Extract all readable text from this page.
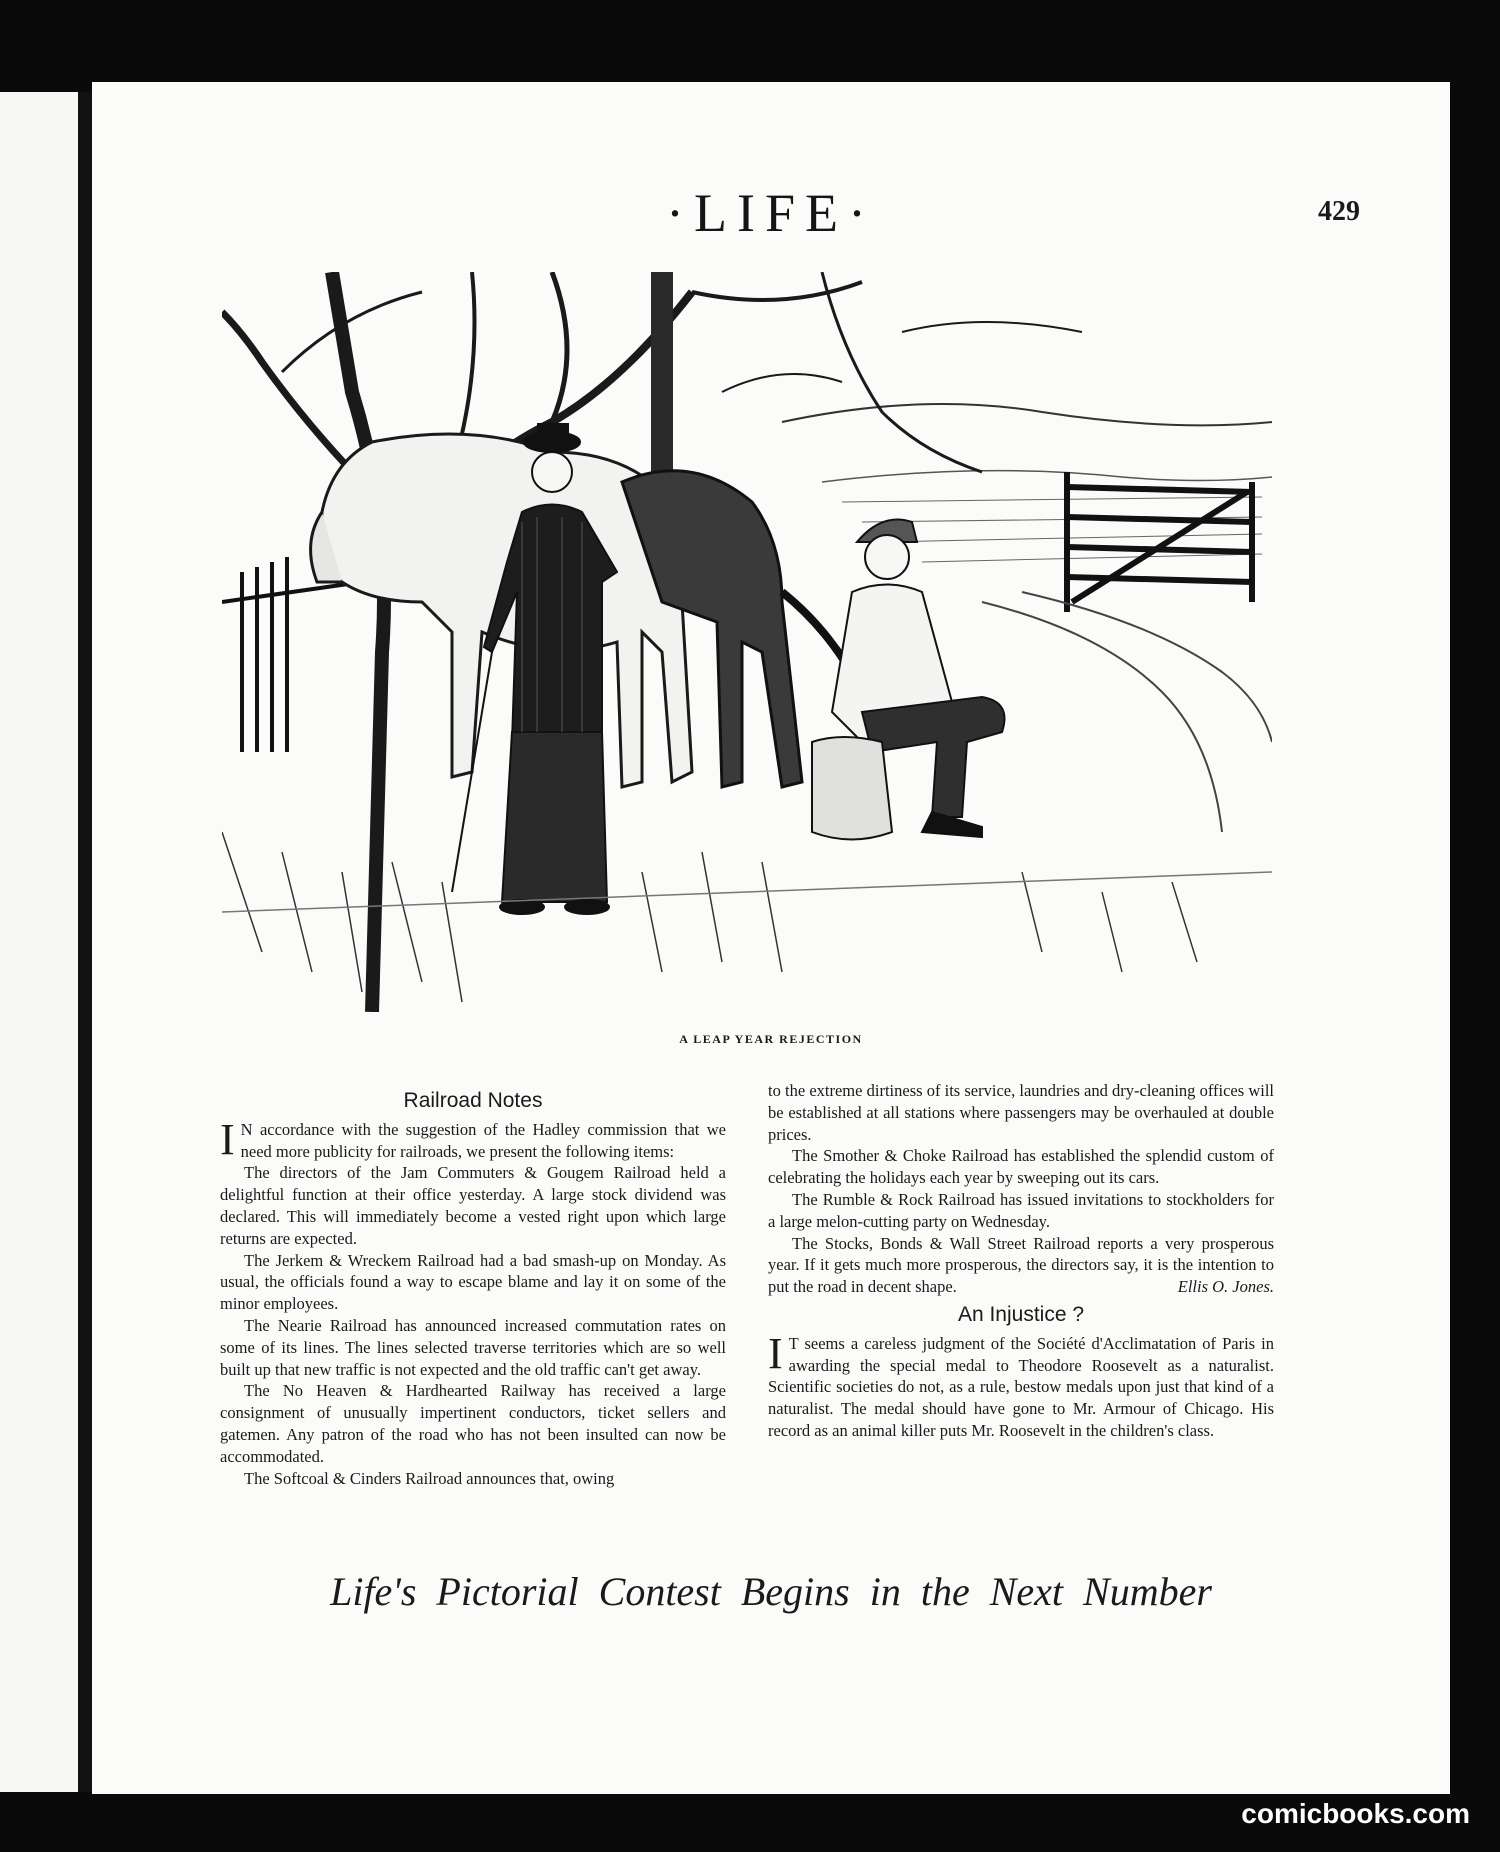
·LIFE·	429
A LEAP YEAR REJECTION
Railroad Notes

I N accordance with the suggestion of the Hadley commission that we need more publicity for railroads, we present the following items:

The directors of the Jam Commuters & Gougem Railroad held a delightful function at their office yesterday. A large stock dividend was declared. This will immediately become a vested right upon which large returns are expected.

The Jerkem & Wreckem Railroad had a bad smash-up on Monday. As usual, the officials found a way to escape blame and lay it on some of the minor employees.

The Nearie Railroad has announced increased commutation rates on some of its lines. The lines selected traverse territories which are so well built up that new traffic is not expected and the old traffic can't get away.

The No Heaven & Hardhearted Railway has received a large consignment of unusually impertinent conductors, ticket sellers and gatemen. Any patron of the road who has not been insulted can now be accommodated.

The Softcoal & Cinders Railroad announces that, owing

to the extreme dirtiness of its service, laundries and dry-cleaning offices will be established at all stations where passengers may be overhauled at double prices.

The Smother & Choke Railroad has established the splendid custom of celebrating the holidays each year by sweeping out its cars.

The Rumble & Rock Railroad has issued invitations to stockholders for a large melon-cutting party on Wednesday.

The Stocks, Bonds & Wall Street Railroad reports a very prosperous year. If it gets much more prosperous, the directors say, it is the intention to put the road in decent shape.	Ellis O. Jones.

An Injustice ?

I T seems a careless judgment of the Société d'Acclimatation of Paris in awarding the special medal to Theodore Roosevelt as a naturalist. Scientific societies do not, as a rule, bestow medals upon just that kind of a naturalist. The medal should have gone to Mr. Armour of Chicago. His record as an animal killer puts Mr. Roosevelt in the children's class.

Life's Pictorial Contest Begins in the Next Number
comicbooks.com
